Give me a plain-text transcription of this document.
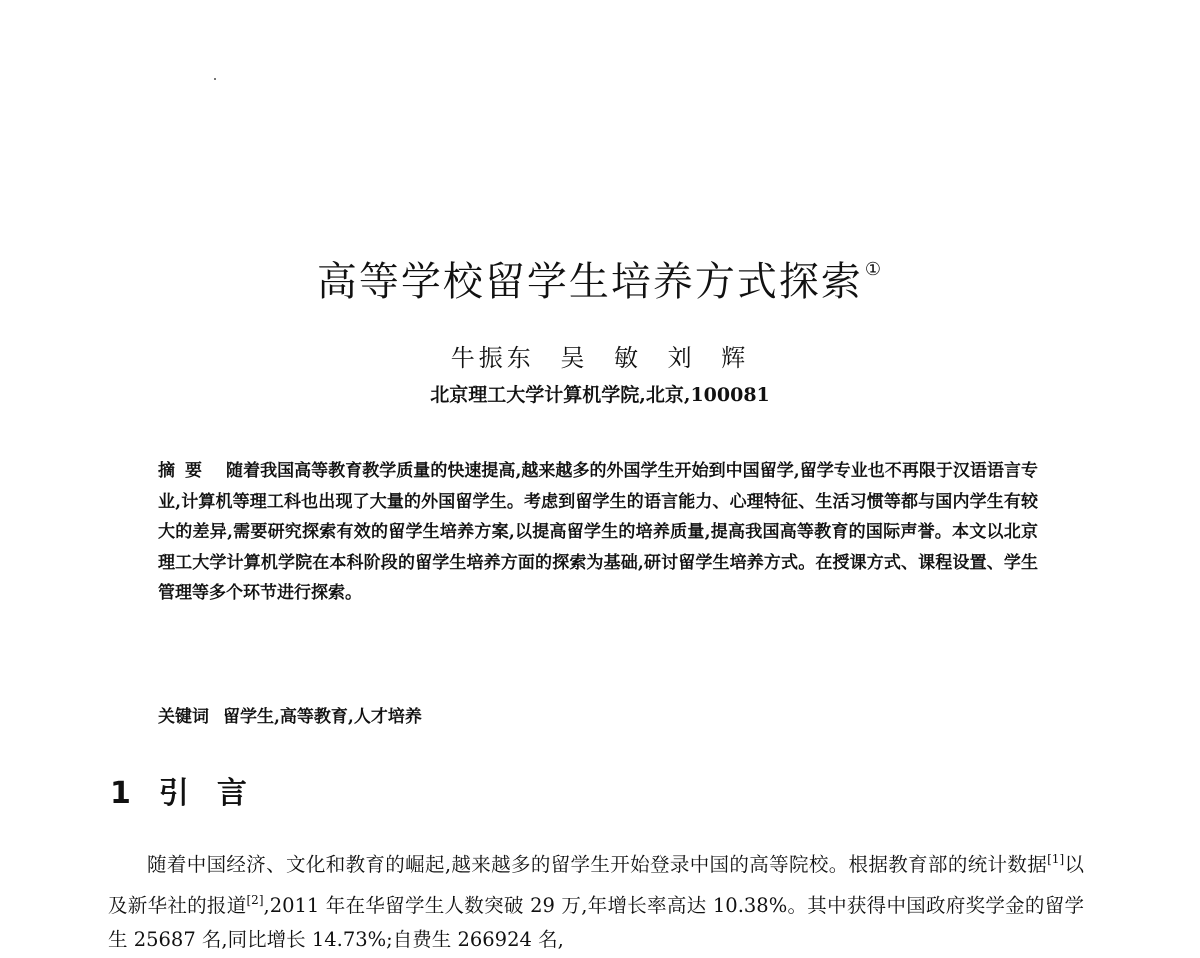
高等学校留学生培养方式探索 ①
牛振东 吴 敏 刘 辉
北京理工大学计算机学院,北京,100081
摘要 随着我国高等教育教学质量的快速提高,越来越多的外国学生开始到中国留学,留学专业也不再限于汉语语言专业,计算机等理工科也出现了大量的外国留学生。考虑到留学生的语言能力、心理特征、生活习惯等都与国内学生有较大的差异,需要研究探索有效的留学生培养方案,以提高留学生的培养质量,提高我国高等教育的国际声誉。本文以北京理工大学计算机学院在本科阶段的留学生培养方面的探索为基础,研讨留学生培养方式。在授课方式、课程设置、学生管理等多个环节进行探索。
关键词 留学生,高等教育,人才培养
1 引言

随着中国经济、文化和教育的崛起,越来越多的留学生开始登录中国的高等院校。根据教育部的统计数据[1]以及新华社的报道[2],2011 年在华留学生人数突破 29 万,年增长率高达 10.38%。其中获得中国政府奖学金的留学生 25687 名,同比增长 14.73%;自费生 266924 名,
